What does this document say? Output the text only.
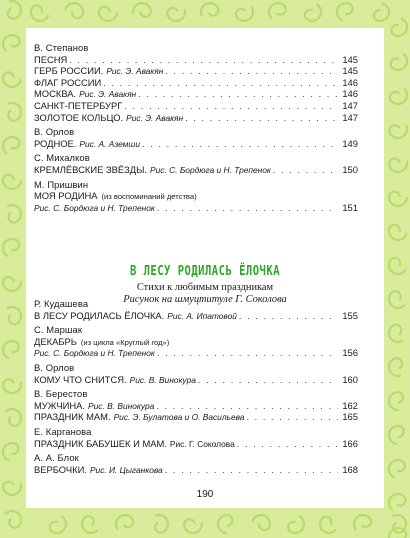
В. Степанов
ПЕСНЯ . . .	145
ГЕРБ РОССИИ. Рис. Э. Авакян . . .	145
ФЛАГ РОССИИ . . .	146
МОСКВА. Рис. Э. Авакян . . .	146
САНКТ-ПЕТЕРБУРГ . . .	147
ЗОЛОТОЕ КОЛЬЦО. Рис. Э. Авакян . . .	147
В. Орлов
РОДНОЕ. Рис. А. Аземши . . .	149
С. Михалков
КРЕМЛЁВСКИЕ ЗВЁЗДЫ. Рис. С. Бордюга и Н. Трепенок . . .	150
М. Пришвин
МОЯ РОДИНА (из воспоминаний детства)
Рис. С. Бордюга и Н. Трепенок . . .	151
В ЛЕСУ РОДИЛАСЬ ЁЛОЧКА
Стихи к любимым праздникам
Рисунок на шмуцтитуле Г. Соколова
Р. Кудашева
В ЛЕСУ РОДИЛАСЬ ЁЛОЧКА. Рис. А. Ипатовой . . .	155
С. Маршак
ДЕКАБРЬ (из цикла «Круглый год»)
Рис. С. Бордюга и Н. Трепенок . . .	156
В. Орлов
КОМУ ЧТО СНИТСЯ. Рис. В. Винокура . . .	160
В. Берестов
МУЖЧИНА. Рис. В. Винокура . . .	162
ПРАЗДНИК МАМ. Рис. Э. Булатова и О. Васильева . . .	165
Е. Карганова
ПРАЗДНИК БАБУШЕК И МАМ. Рис. Г. Соколова . . .	166
А. А. Блок
ВЕРБОЧКИ. Рис. И. Цыганкова . . .	168
190
